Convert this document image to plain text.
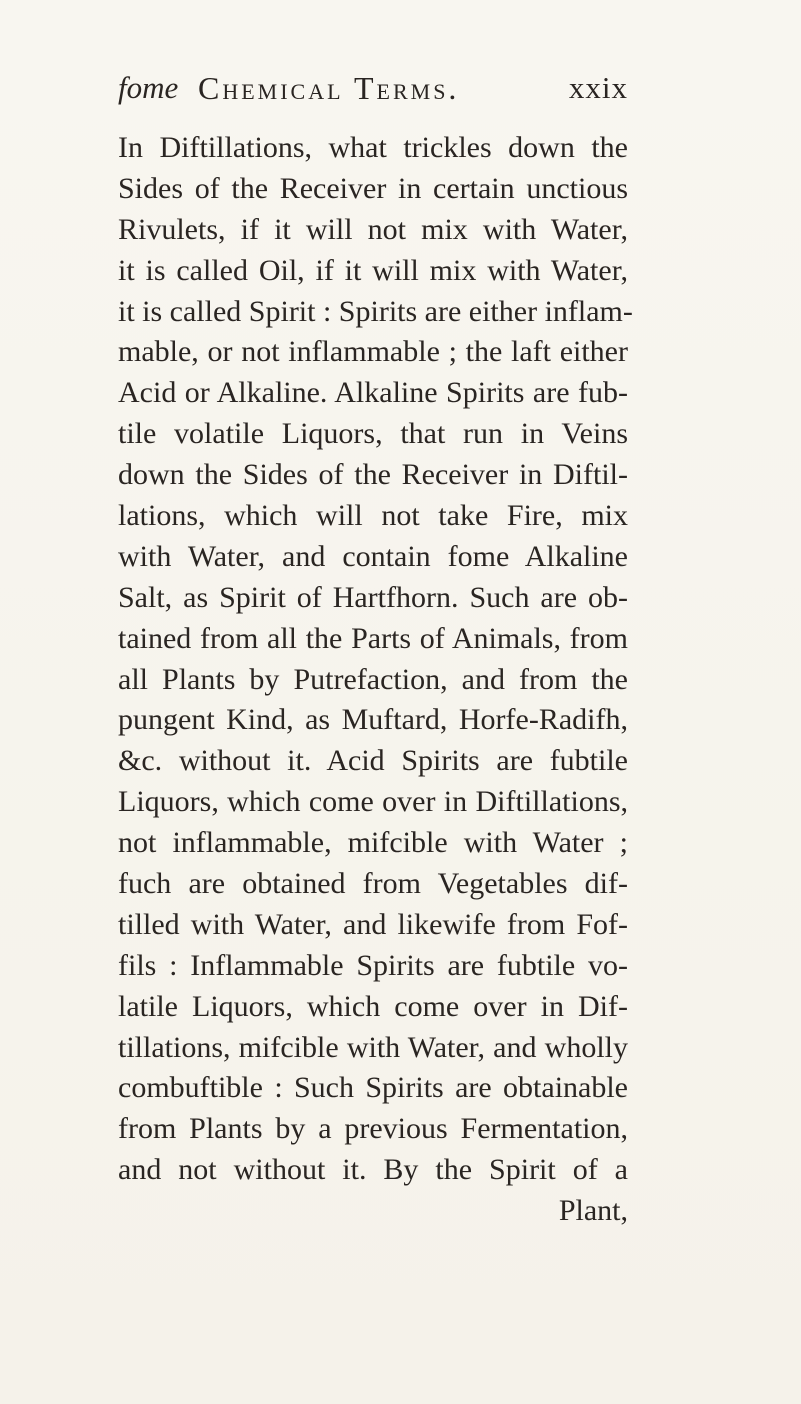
fome Chemical Terms.	xxix
In Diftillations, what trickles down the
Sides of the Receiver in certain unctious
Rivulets, if it will not mix with Water,
it is called Oil, if it will mix with Water,
it is called Spirit : Spirits are either inflam-
mable, or not inflammable ; the laft either
Acid or Alkaline. Alkaline Spirits are fub-
tile volatile Liquors, that run in Veins
down the Sides of the Receiver in Diftil-
lations, which will not take Fire, mix
with Water, and contain fome Alkaline
Salt, as Spirit of Hartfhorn. Such are ob-
tained from all the Parts of Animals, from
all Plants by Putrefaction, and from the
pungent Kind, as Muftard, Horfe-Radifh,
&c. without it. Acid Spirits are fubtile
Liquors, which come over in Diftillations,
not inflammable, mifcible with Water ;
fuch are obtained from Vegetables dif-
tilled with Water, and likewife from Fof-
fils : Inflammable Spirits are fubtile vo-
latile Liquors, which come over in Dif-
tillations, mifcible with Water, and wholly
combuftible : Such Spirits are obtainable
from Plants by a previous Fermentation,
and not without it. By the Spirit of a
Plant,
